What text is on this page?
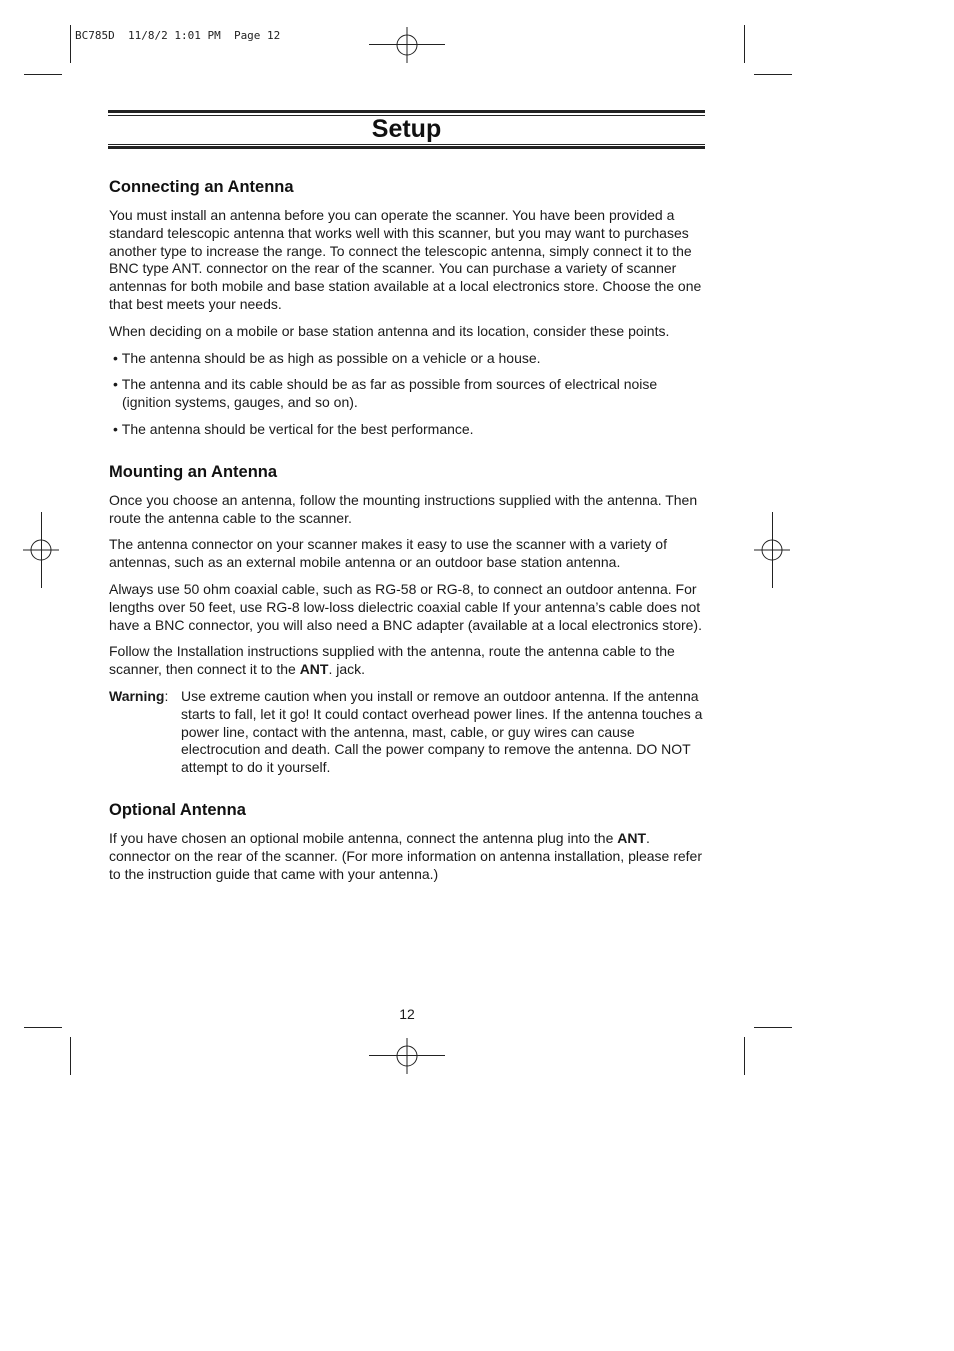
BC785D  11/8/2 1:01 PM  Page 12
Setup
Connecting an Antenna

You must install an antenna before you can operate the scanner. You have been provided a standard telescopic antenna that works well with this scanner, but you may want to purchases another type to increase the range. To connect the telescopic antenna, simply connect it to the BNC type ANT. connector on the rear of the scanner. You can purchase a variety of scanner antennas for both mobile and base station available at a local electronics store. Choose the one that best meets your needs.

When deciding on a mobile or base station antenna and its location, consider these points.

• The antenna should be as high as possible on a vehicle or a house.
• The antenna and its cable should be as far as possible from sources of electrical noise (ignition systems, gauges, and so on).
• The antenna should be vertical for the best performance.
Mounting an Antenna

Once you choose an antenna, follow the mounting instructions supplied with the antenna. Then route the antenna cable to the scanner.

The antenna connector on your scanner makes it easy to use the scanner with a variety of antennas, such as an external mobile antenna or an outdoor base station antenna.

Always use 50 ohm coaxial cable, such as RG-58 or RG-8, to connect an outdoor antenna. For lengths over 50 feet, use RG-8 low-loss dielectric coaxial cable If your antenna’s cable does not have a BNC connector, you will also need a BNC adapter (available at a local electronics store).

Follow the Installation instructions supplied with the antenna, route the antenna cable to the scanner, then connect it to the ANT. jack.

Warning: Use extreme caution when you install or remove an outdoor antenna. If the antenna starts to fall, let it go! It could contact overhead power lines. If the antenna touches a power line, contact with the antenna, mast, cable, or guy wires can cause electrocution and death. Call the power company to remove the antenna. DO NOT attempt to do it yourself.
Optional Antenna

If you have chosen an optional mobile antenna, connect the antenna plug into the ANT. connector on the rear of the scanner. (For more information on antenna installation, please refer to the instruction guide that came with your antenna.)

12
